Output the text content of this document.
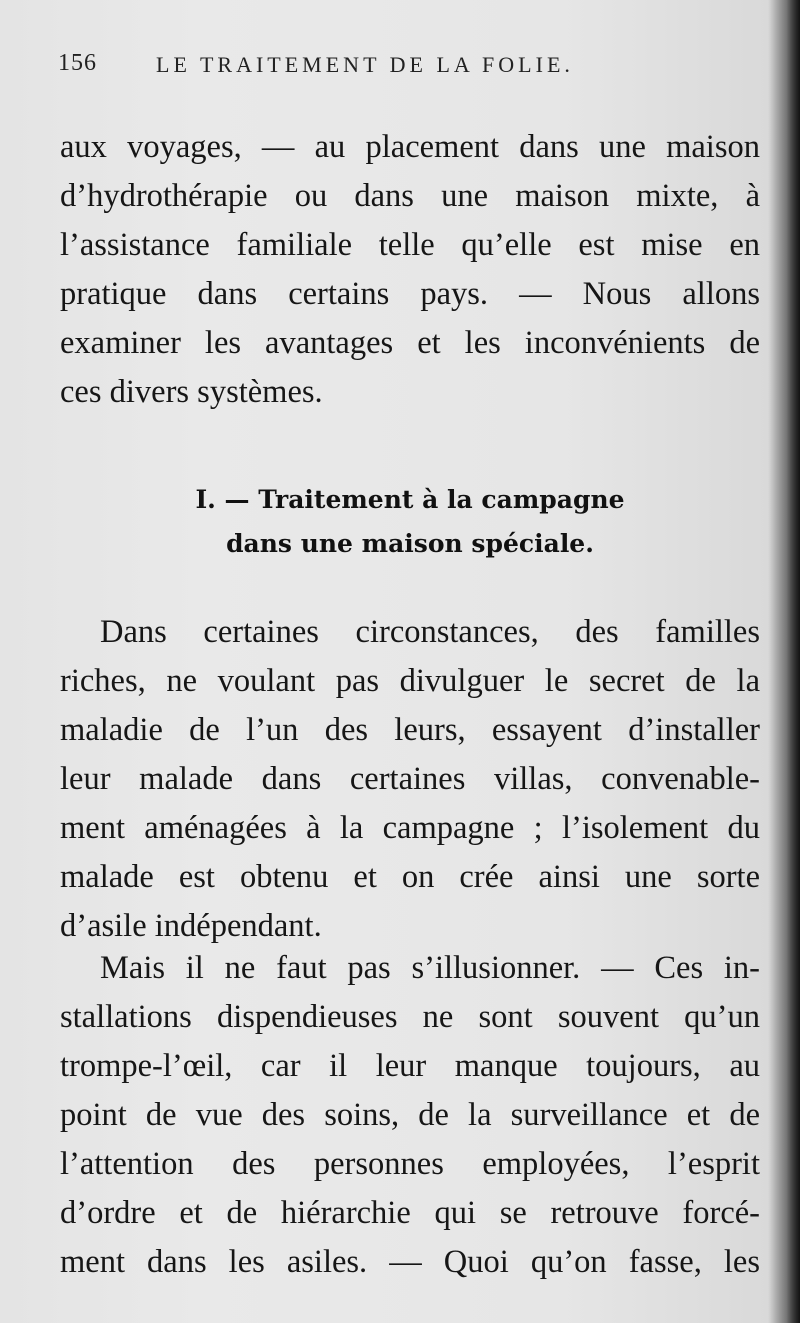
156	LE TRAITEMENT DE LA FOLIE.
aux voyages, — au placement dans une maison
d’hydrothérapie ou dans une maison mixte, à
l’assistance familiale telle qu’elle est mise en
pratique dans certains pays. — Nous allons
examiner les avantages et les inconvénients de
ces divers systèmes.
I. — Traitement à la campagne
dans une maison spéciale.
Dans certaines circonstances, des familles
riches, ne voulant pas divulguer le secret de la
maladie de l’un des leurs, essayent d’installer
leur malade dans certaines villas, convenable-
ment aménagées à la campagne ; l’isolement du
malade est obtenu et on crée ainsi une sorte
d’asile indépendant.
Mais il ne faut pas s’illusionner. — Ces in-
stallations dispendieuses ne sont souvent qu’un
trompe-l’œil, car il leur manque toujours, au
point de vue des soins, de la surveillance et de
l’attention des personnes employées, l’esprit
d’ordre et de hiérarchie qui se retrouve forcé-
ment dans les asiles. — Quoi qu’on fasse, les
